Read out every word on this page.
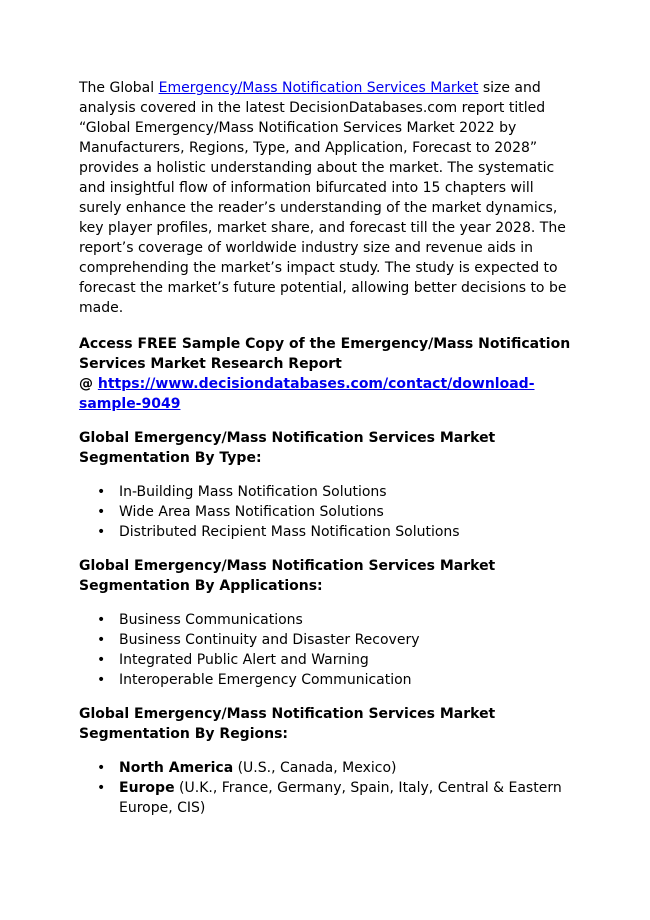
The Global Emergency/Mass Notification Services Market size and analysis covered in the latest DecisionDatabases.com report titled “Global Emergency/Mass Notification Services Market 2022 by Manufacturers, Regions, Type, and Application, Forecast to 2028” provides a holistic understanding about the market. The systematic and insightful flow of information bifurcated into 15 chapters will surely enhance the reader’s understanding of the market dynamics, key player profiles, market share, and forecast till the year 2028. The report’s coverage of worldwide industry size and revenue aids in comprehending the market’s impact study. The study is expected to forecast the market’s future potential, allowing better decisions to be made.

Access FREE Sample Copy of the Emergency/Mass Notification Services Market Research Report
@ https://www.decisiondatabases.com/contact/download-sample-9049

Global Emergency/Mass Notification Services Market Segmentation By Type:

• In-Building Mass Notification Solutions
• Wide Area Mass Notification Solutions
• Distributed Recipient Mass Notification Solutions

Global Emergency/Mass Notification Services Market Segmentation By Applications:

• Business Communications
• Business Continuity and Disaster Recovery
• Integrated Public Alert and Warning
• Interoperable Emergency Communication

Global Emergency/Mass Notification Services Market Segmentation By Regions:

• North America (U.S., Canada, Mexico)
• Europe (U.K., France, Germany, Spain, Italy, Central & Eastern Europe, CIS)
